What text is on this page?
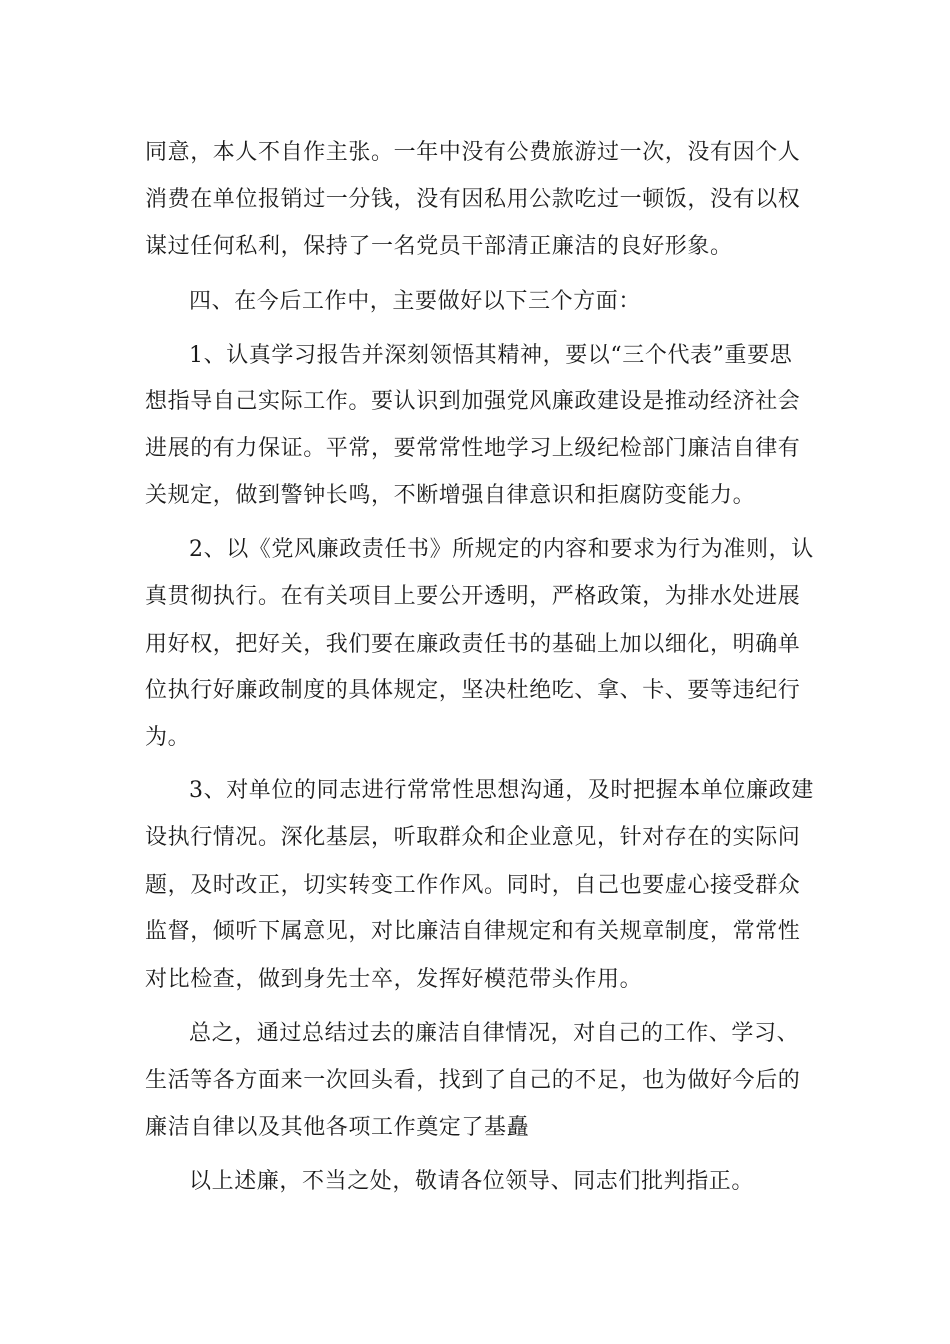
同意，本人不自作主张。一年中没有公费旅游过一次，没有因个人
消费在单位报销过一分钱，没有因私用公款吃过一顿饭，没有以权
谋过任何私利，保持了一名党员干部清正廉洁的良好形象。
四、在今后工作中，主要做好以下三个方面：
1、认真学习报告并深刻领悟其精神，要以“三个代表”重要思
想指导自己实际工作。要认识到加强党风廉政建设是推动经济社会
进展的有力保证。平常，要常常性地学习上级纪检部门廉洁自律有
关规定，做到警钟长鸣，不断增强自律意识和拒腐防变能力。
2、以《党风廉政责任书》所规定的内容和要求为行为准则，认
真贯彻执行。在有关项目上要公开透明，严格政策，为排水处进展
用好权，把好关，我们要在廉政责任书的基础上加以细化，明确单
位执行好廉政制度的具体规定，坚决杜绝吃、拿、卡、要等违纪行
为。
3、对单位的同志进行常常性思想沟通，及时把握本单位廉政建
设执行情况。深化基层，听取群众和企业意见，针对存在的实际问
题，及时改正，切实转变工作作风。同时，自己也要虚心接受群众
监督，倾听下属意见，对比廉洁自律规定和有关规章制度，常常性
对比检查，做到身先士卒，发挥好模范带头作用。
总之，通过总结过去的廉洁自律情况，对自己的工作、学习、
生活等各方面来一次回头看，找到了自己的不足，也为做好今后的
廉洁自律以及其他各项工作奠定了基矗
以上述廉，不当之处，敬请各位领导、同志们批判指正。
